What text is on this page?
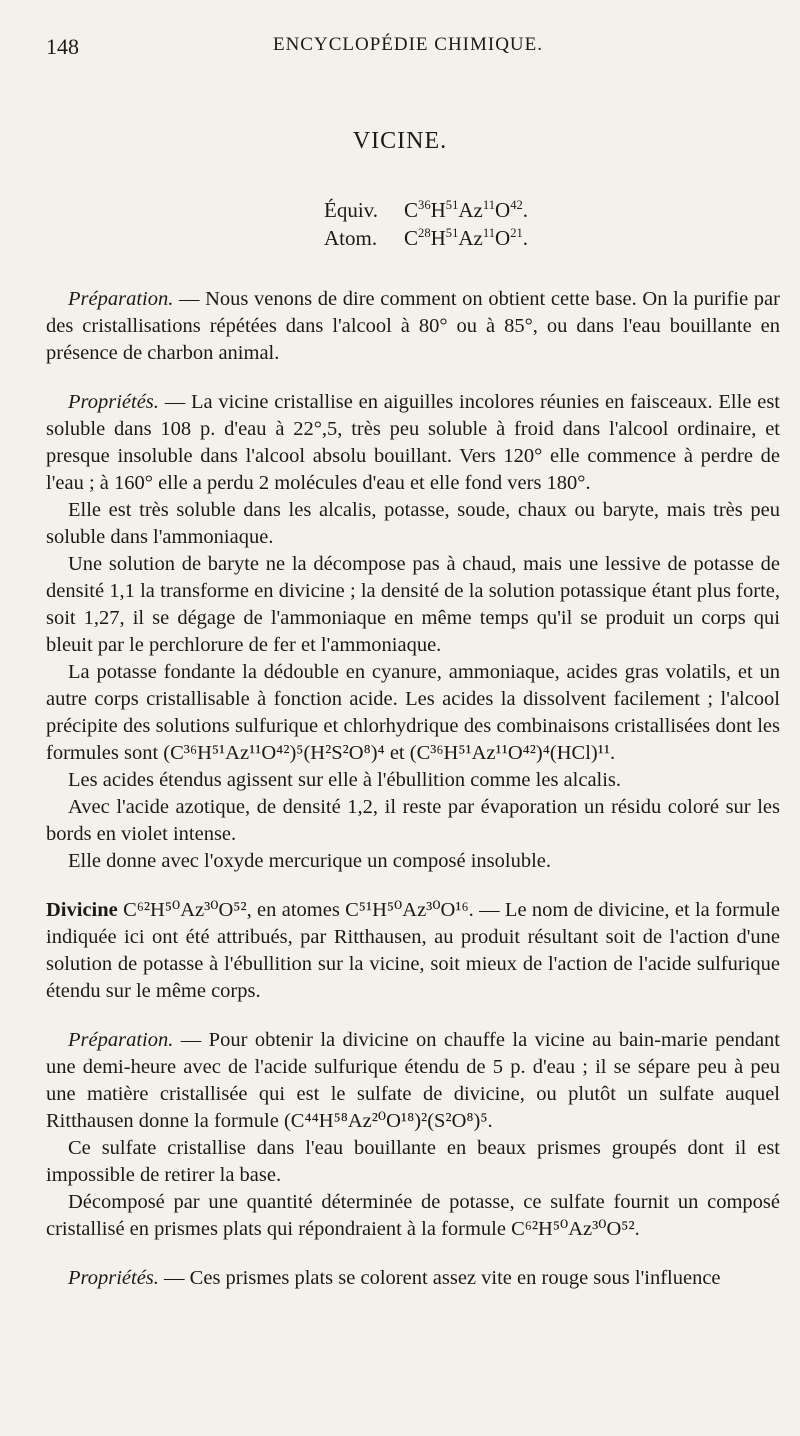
148	ENCYCLOPÉDIE CHIMIQUE.
VICINE.
Équiv. $C^{36}H^{51}Az^{11}O^{42}$.
Atom. $C^{28}H^{51}Az^{11}O^{21}$.

Préparation. — Nous venons de dire comment on obtient cette base. On la purifie par des cristallisations répétées dans l'alcool à 80° ou à 85°, ou dans l'eau bouillante en présence de charbon animal.

Propriétés. — La vicine cristallise en aiguilles incolores réunies en faisceaux. Elle est soluble dans 108 p. d'eau à 22°,5, très peu soluble à froid dans l'alcool ordinaire, et presque insoluble dans l'alcool absolu bouillant. Vers 120° elle commence à perdre de l'eau ; à 160° elle a perdu 2 molécules d'eau et elle fond vers 180°.

Elle est très soluble dans les alcalis, potasse, soude, chaux ou baryte, mais très peu soluble dans l'ammoniaque.

Une solution de baryte ne la décompose pas à chaud, mais une lessive de potasse de densité 1,1 la transforme en divicine ; la densité de la solution potassique étant plus forte, soit 1,27, il se dégage de l'ammoniaque en même temps qu'il se produit un corps qui bleuit par le perchlorure de fer et l'ammoniaque.

La potasse fondante la dédouble en cyanure, ammoniaque, acides gras volatils, et un autre corps cristallisable à fonction acide. Les acides la dissolvent facilement ; l'alcool précipite des solutions sulfurique et chlorhydrique des combinaisons cristallisées dont les formules sont (C³⁶H⁵¹Az¹¹O⁴²)⁵(H²S²O⁸)⁴ et (C³⁶H⁵¹Az¹¹O⁴²)⁴(HCl)¹¹.

Les acides étendus agissent sur elle à l'ébullition comme les alcalis.

Avec l'acide azotique, de densité 1,2, il reste par évaporation un résidu coloré sur les bords en violet intense.

Elle donne avec l'oxyde mercurique un composé insoluble.

Divicine C⁶²H⁵⁰Az³⁰O⁵², en atomes C⁵¹H⁵⁰Az³⁰O¹⁶. — Le nom de divicine, et la formule indiquée ici ont été attribués, par Ritthausen, au produit résultant soit de l'action d'une solution de potasse à l'ébullition sur la vicine, soit mieux de l'action de l'acide sulfurique étendu sur le même corps.

Préparation. — Pour obtenir la divicine on chauffe la vicine au bain-marie pendant une demi-heure avec de l'acide sulfurique étendu de 5 p. d'eau ; il se sépare peu à peu une matière cristallisée qui est le sulfate de divicine, ou plutôt un sulfate auquel Ritthausen donne la formule (C⁴⁴H⁵⁸Az²⁰O¹⁸)²(S²O⁸)⁵.

Ce sulfate cristallise dans l'eau bouillante en beaux prismes groupés dont il est impossible de retirer la base.

Décomposé par une quantité déterminée de potasse, ce sulfate fournit un composé cristallisé en prismes plats qui répondraient à la formule C⁶²H⁵⁰Az³⁰O⁵².

Propriétés. — Ces prismes plats se colorent assez vite en rouge sous l'influence
